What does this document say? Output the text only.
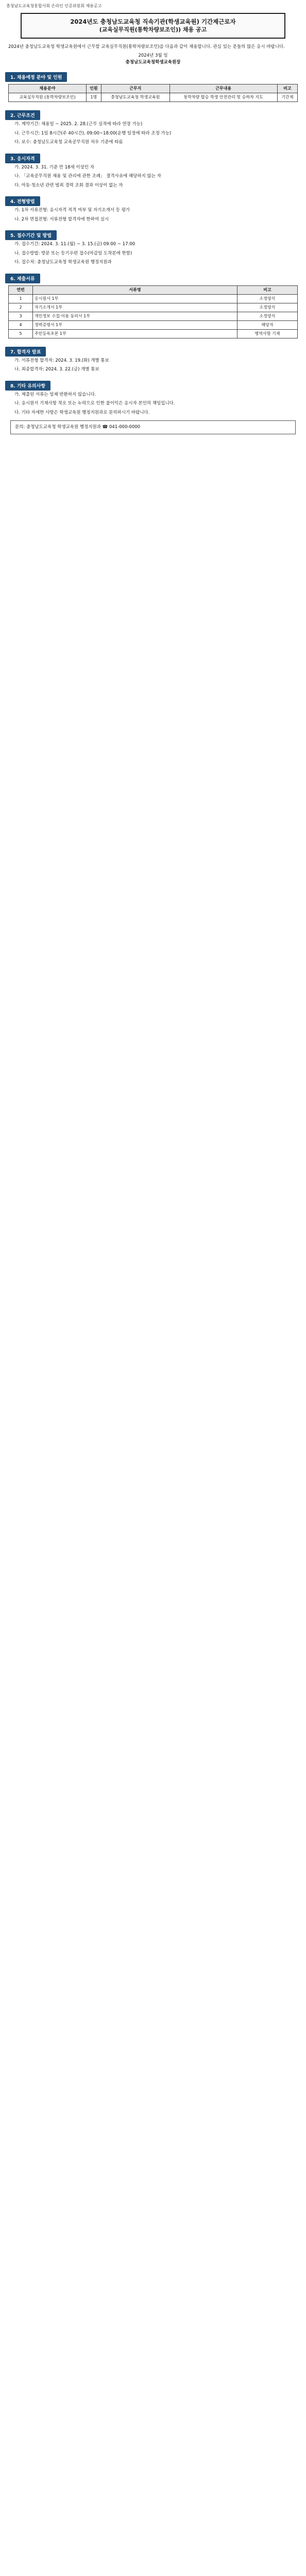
충청남도교육청통합사회 온라인 인증위원회 채용공고
2024년도 충청남도교육청 직속기관(학생교육원) 기간제근로자
(교육실무직원(통학차량보조인)) 채용 공고
2024년 충청남도교육청 학생교육원에서 근무할 교육실무직원(통학차량보조인)을 다음과 같이 채용합니다. 관심 있는 분들의 많은 응시 바랍니다.
2024년 3월 일
충청남도교육청학생교육원장
1. 채용예정 분야 및 인원
채용분야	인원	근무지	근무내용	비고
교육실무직원 (통학차량보조인)	1명	충청남도교육청 학생교육원	통학차량 탑승 학생 안전관리 및 승하차 지도	기간제
2. 근무조건
가. 계약기간: 채용일 ~ 2025. 2. 28.(근무 실적에 따라 연장 가능)
나. 근무시간: 1일 8시간(주 40시간), 09:00~18:00(운행 일정에 따라 조정 가능)
다. 보수: 충청남도교육청 교육공무직원 처우 기준에 따름
3. 응시자격
가. 2024. 3. 31. 기준 만 18세 이상인 자
나. 「교육공무직원 채용 및 관리에 관한 조례」 결격사유에 해당하지 않는 자
다. 아동·청소년 관련 범죄 경력 조회 결과 이상이 없는 자
4. 전형방법
가. 1차 서류전형: 응시자격 적격 여부 및 자기소개서 등 평가
나. 2차 면접전형: 서류전형 합격자에 한하여 실시
5. 접수기간 및 방법
가. 접수기간: 2024. 3. 11.(월) ~ 3. 15.(금) 09:00 ~ 17:00
나. 접수방법: 방문 또는 등기우편 접수(마감일 도착분에 한함)
다. 접수처: 충청남도교육청 학생교육원 행정지원과
6. 제출서류
연번	서류명	비고
1	응시원서 1부	소정양식
2	자기소개서 1부	소정양식
3	개인정보 수집·이용 동의서 1부	소정양식
4	경력증명서 1부	해당자
5	주민등록초본 1부	병역사항 기재
7. 합격자 발표
가. 서류전형 합격자: 2024. 3. 19.(화) 개별 통보
나. 최종합격자: 2024. 3. 22.(금) 개별 통보
8. 기타 유의사항
가. 제출된 서류는 일체 반환하지 않습니다.
나. 응시원서 기재사항 착오 또는 누락으로 인한 불이익은 응시자 본인의 책임입니다.
다. 기타 자세한 사항은 학생교육원 행정지원과로 문의하시기 바랍니다.
문의: 충청남도교육청 학생교육원 행정지원과 ☎ 041-000-0000
